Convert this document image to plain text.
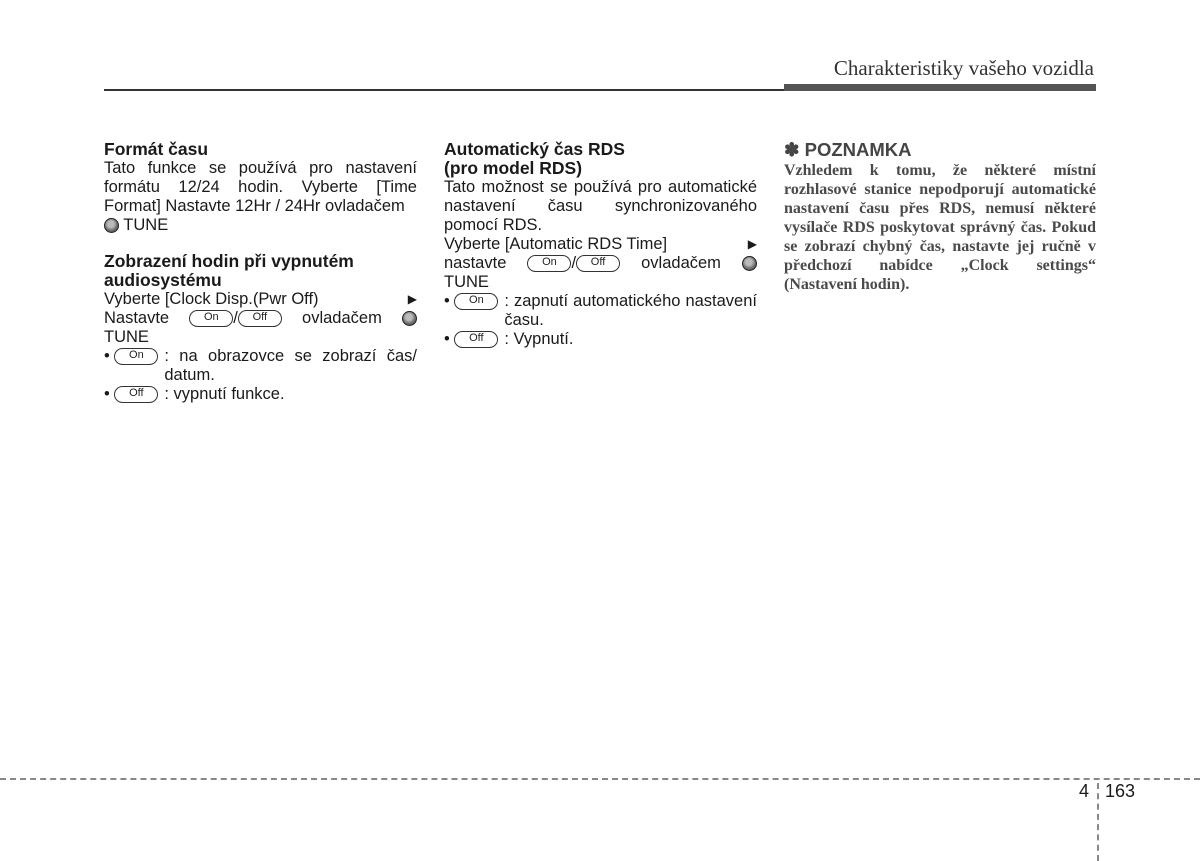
Charakteristiky vašeho vozidla

Formát času

Tato funkce se používá pro nastavení formátu 12/24 hodin. Vyberte [Time Format] Nastavte 12Hr / 24Hr ovladačem
TUNE

Zobrazení hodin při vypnutém
audiosystému

Vyberte [Clock Disp.(Pwr Off)	▶
Nastavte	On / Off	ovladačem
TUNE
• On	: na obrazovce se zobrazí čas/ datum.
• Off	: vypnutí funkce.

Automatický čas RDS
(pro model RDS)

Tato možnost se používá pro automatické nastavení času synchronizovaného pomocí RDS.

Vyberte [Automatic RDS Time]	▶
nastavte	On / Off	ovladačem
TUNE
• On	: zapnutí automatického nastavení času.
• Off	: Vypnutí.

✽ POZNAMKA

Vzhledem k tomu, že některé místní rozhlasové stanice nepodporují automatické nastavení času přes RDS, nemusí některé vysílače RDS poskytovat správný čas. Pokud se zobrazí chybný čas, nastavte jej ručně v předchozí nabídce „Clock settings“ (Nastavení hodin).

4 163
